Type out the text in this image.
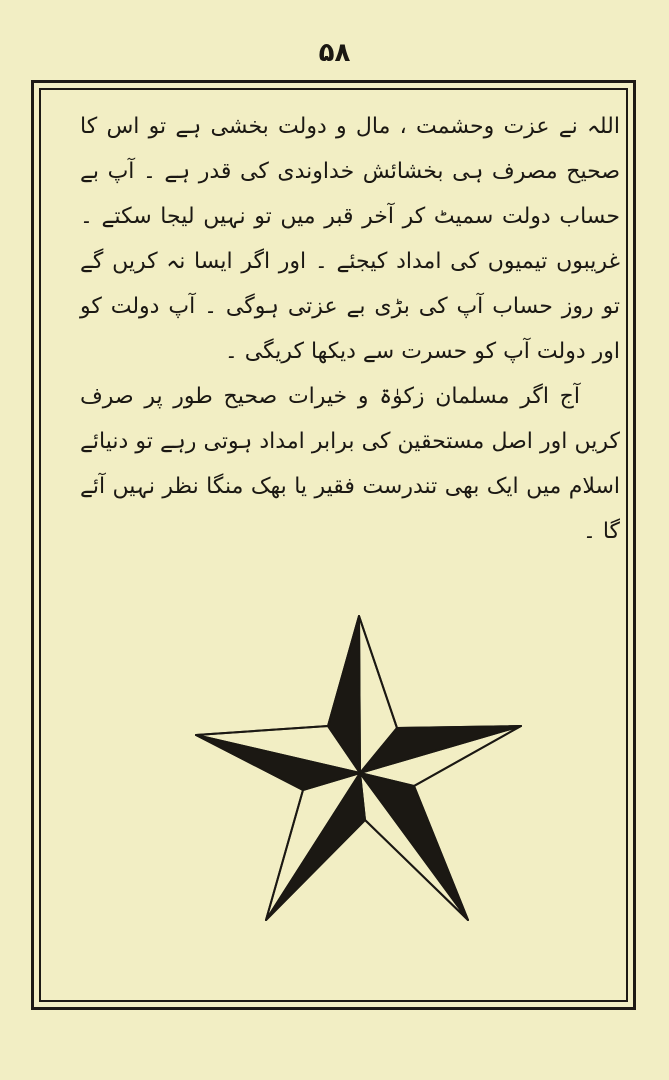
۵۸

اللہ نے عزت وحشمت ، مال و دولت بخشی ہے تو اس کا صحیح مصرف ہی بخشائش خداوندی کی قدر ہے ۔ آپ بے حساب دولت سمیٹ کر آخر قبر میں تو نہیں لیجا سکتے ۔ غریبوں تیمیوں کی امداد کیجئے ۔ اور اگر ایسا نہ کریں گے تو روز حساب آپ کی بڑی بے عزتی ہوگی ۔ آپ دولت کو اور دولت آپ کو حسرت سے دیکھا کریگی ۔

آج اگر مسلمان زکوٰۃ و خیرات صحیح طور پر صرف کریں اور اصل مستحقین کی برابر امداد ہوتی رہے تو دنیائے اسلام میں ایک بھی تندرست فقیر یا بھک منگا نظر نہیں آئے گا ۔
